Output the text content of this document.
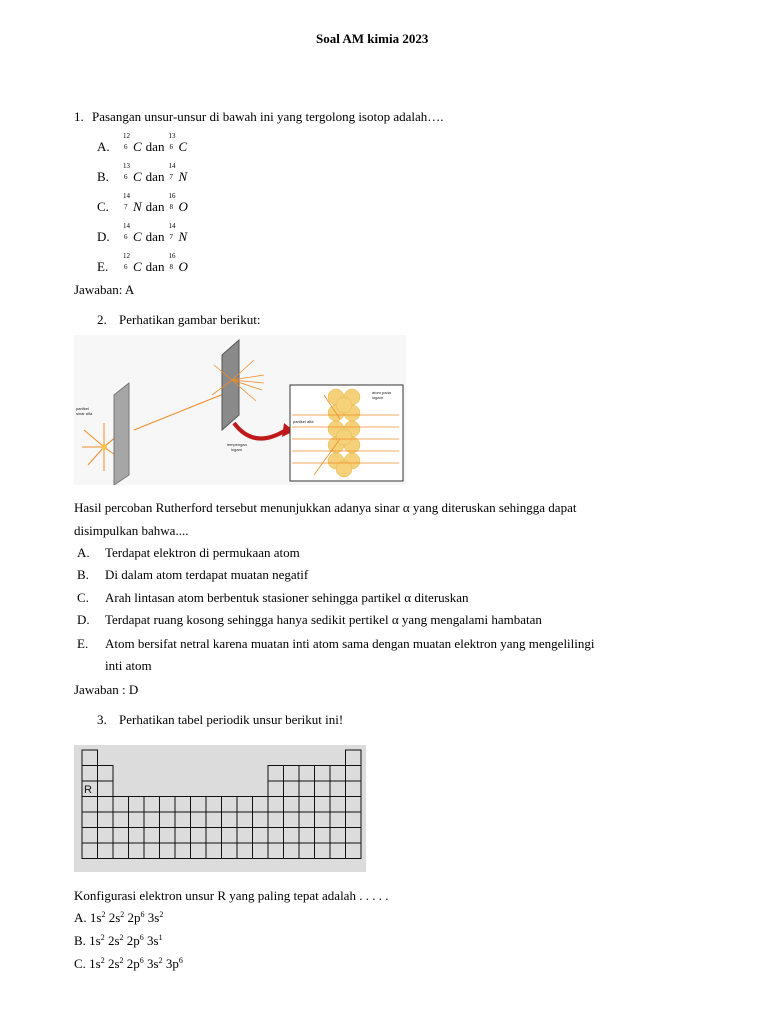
Soal AM kimia 2023
1. Pasangan unsur-unsur di bawah ini yang tergolong isotop adalah….
A.
12
6 C dan
13
6 C
B.
13
6 C dan
14
7 N
C.
14
7 N dan
16
8 O
D.
14
6 C dan
14
7 N
E.
12
6 C dan
16
8 O
Jawaban: A
2. Perhatikan gambar berikut:
partikel
sinar alfa
lempengan
logam
partikel alfa
atom pada
logam
Hasil percoban Rutherford tersebut menunjukkan adanya sinar α yang diteruskan sehingga dapat
disimpulkan bahwa....
A. Terdapat elektron di permukaan atom
B. Di dalam atom terdapat muatan negatif
C. Arah lintasan atom berbentuk stasioner sehingga partikel α diteruskan
D. Terdapat ruang kosong sehingga hanya sedikit pertikel α yang mengalami hambatan
E. Atom bersifat netral karena muatan inti atom sama dengan muatan elektron yang mengelilingi
inti atom
Jawaban : D
3. Perhatikan tabel periodik unsur berikut ini!
R
Konfigurasi elektron unsur R yang paling tepat adalah . . . . .
A. $1s^2$ $2s^2$ $2p^6$ $3s^2$
B. $1s^2$ $2s^2$ $2p^6$ $3s^1$
C. $1s^2$ $2s^2$ $2p^6$ $3s^2$ $3p^6$
